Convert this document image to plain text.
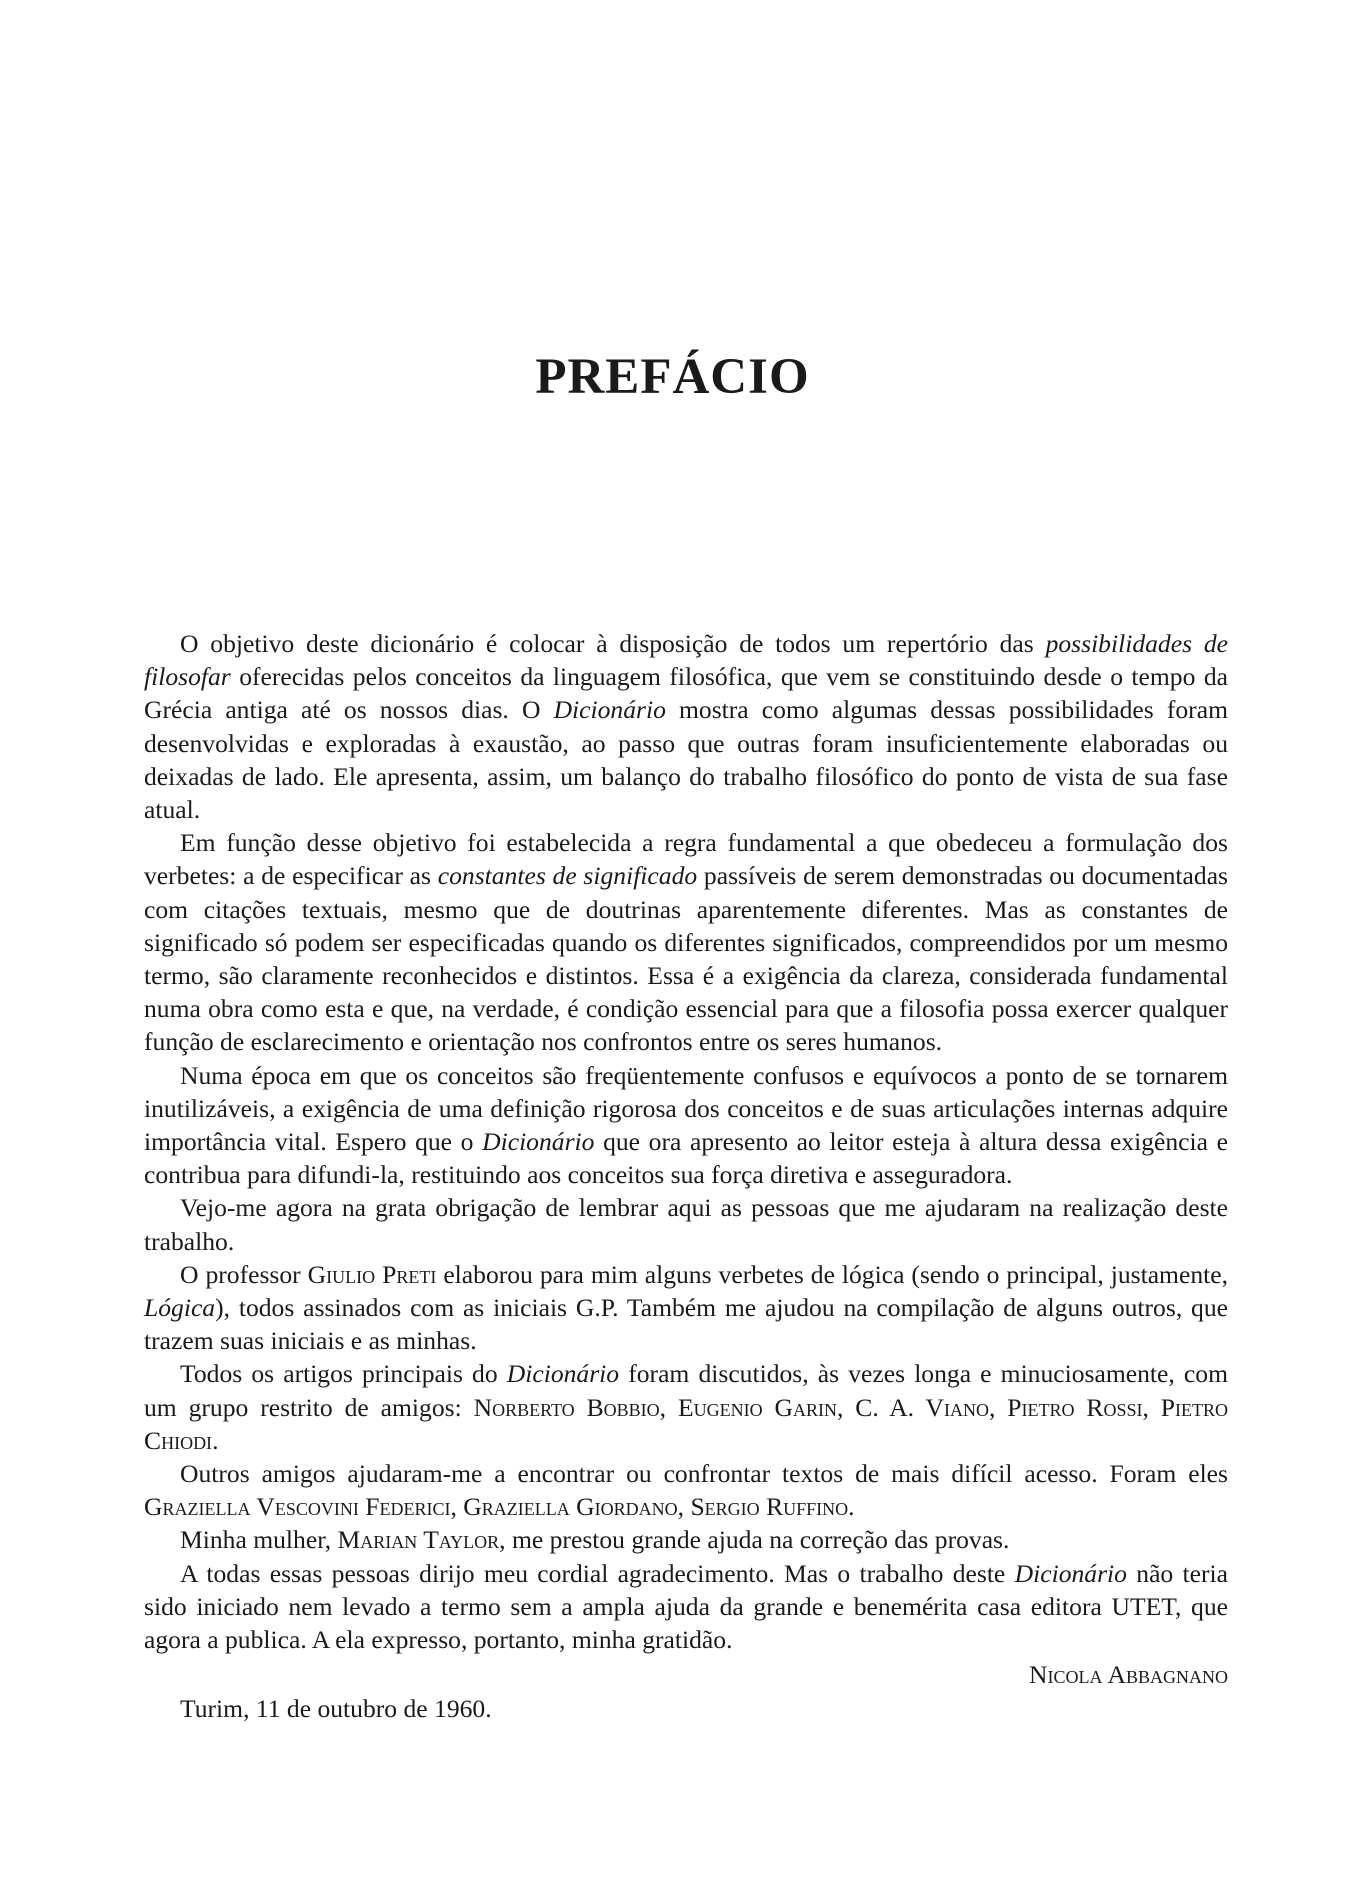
PREFÁCIO

O objetivo deste dicionário é colocar à disposição de todos um repertório das possibilidades de filosofar oferecidas pelos conceitos da linguagem filosófica, que vem se constituindo desde o tempo da Grécia antiga até os nossos dias. O Dicionário mostra como algumas dessas possibilidades foram desenvolvidas e exploradas à exaustão, ao passo que outras foram insuficientemente elaboradas ou deixadas de lado. Ele apresenta, assim, um balanço do trabalho filosófico do ponto de vista de sua fase atual.

Em função desse objetivo foi estabelecida a regra fundamental a que obedeceu a formulação dos verbetes: a de especificar as constantes de significado passíveis de serem demonstradas ou documentadas com citações textuais, mesmo que de doutrinas aparentemente diferentes. Mas as constantes de significado só podem ser especificadas quando os diferentes significados, compreendidos por um mesmo termo, são claramente reconhecidos e distintos. Essa é a exigência da clareza, considerada fundamental numa obra como esta e que, na verdade, é condição essencial para que a filosofia possa exercer qualquer função de esclarecimento e orientação nos confrontos entre os seres humanos.

Numa época em que os conceitos são freqüentemente confusos e equívocos a ponto de se tornarem inutilizáveis, a exigência de uma definição rigorosa dos conceitos e de suas articulações internas adquire importância vital. Espero que o Dicionário que ora apresento ao leitor esteja à altura dessa exigência e contribua para difundi-la, restituindo aos conceitos sua força diretiva e asseguradora.

Vejo-me agora na grata obrigação de lembrar aqui as pessoas que me ajudaram na realização deste trabalho.

O professor Giulio Preti elaborou para mim alguns verbetes de lógica (sendo o principal, justamente, Lógica), todos assinados com as iniciais G.P. Também me ajudou na compilação de alguns outros, que trazem suas iniciais e as minhas.

Todos os artigos principais do Dicionário foram discutidos, às vezes longa e minuciosamente, com um grupo restrito de amigos: Norberto Bobbio, Eugenio Garin, C. A. Viano, Pietro Rossi, Pietro Chiodi.

Outros amigos ajudaram-me a encontrar ou confrontar textos de mais difícil acesso. Foram eles Graziella Vescovini Federici, Graziella Giordano, Sergio Ruffino.

Minha mulher, Marian Taylor, me prestou grande ajuda na correção das provas.

A todas essas pessoas dirijo meu cordial agradecimento. Mas o trabalho deste Dicionário não teria sido iniciado nem levado a termo sem a ampla ajuda da grande e benemérita casa editora UTET, que agora a publica. A ela expresso, portanto, minha gratidão.

Nicola Abbagnano

Turim, 11 de outubro de 1960.
